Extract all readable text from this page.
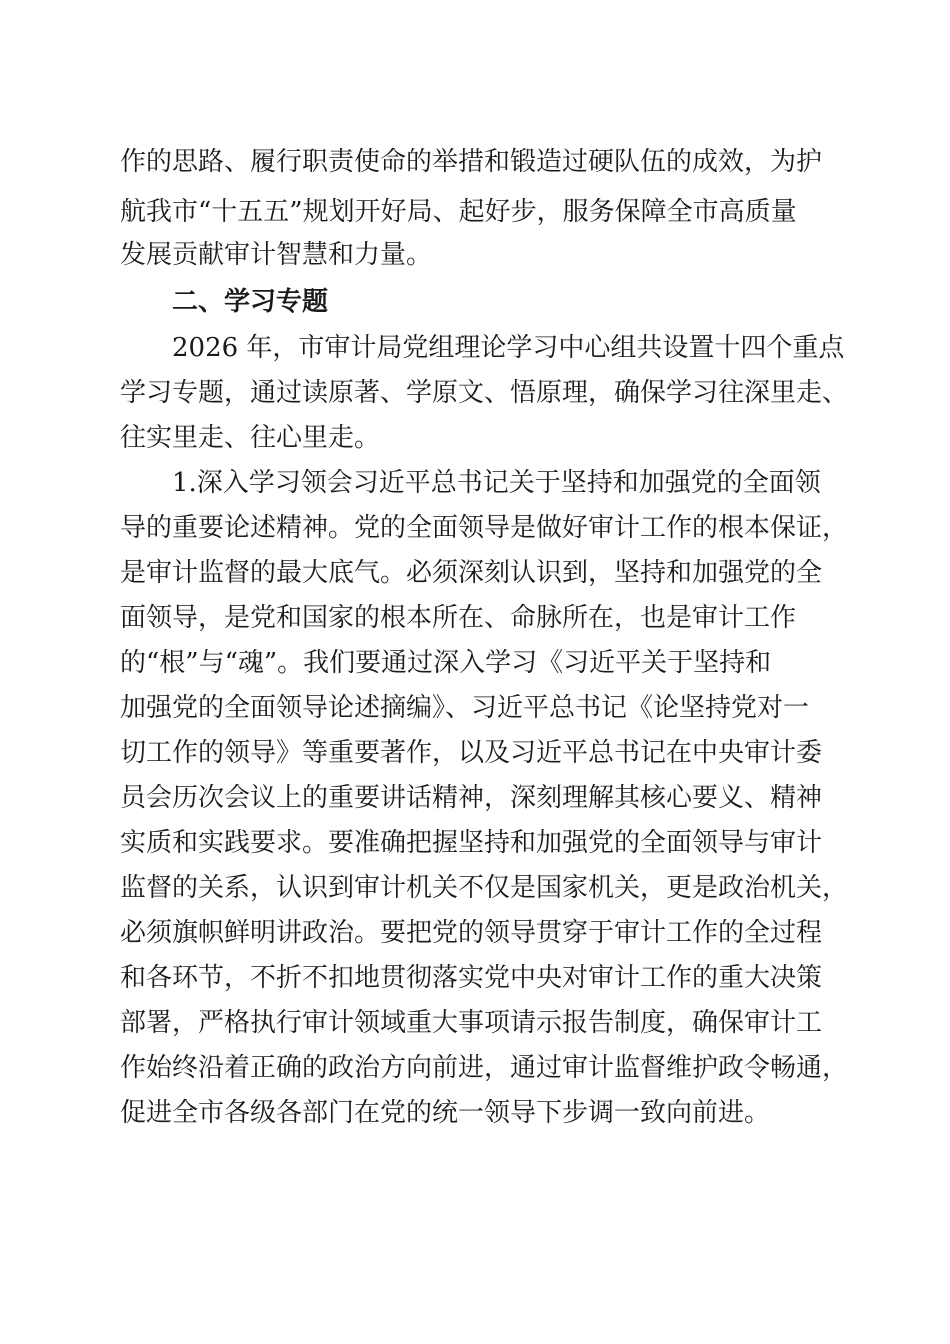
作的思路、履行职责使命的举措和锻造过硬队伍的成效，为护
航我市“十五五”规划开好局、起好步，服务保障全市高质量
发展贡献审计智慧和力量。
二、学习专题
2026 年，市审计局党组理论学习中心组共设置十四个重点
学习专题，通过读原著、学原文、悟原理，确保学习往深里走、
往实里走、往心里走。
1.深入学习领会习近平总书记关于坚持和加强党的全面领
导的重要论述精神。党的全面领导是做好审计工作的根本保证，
是审计监督的最大底气。必须深刻认识到，坚持和加强党的全
面领导，是党和国家的根本所在、命脉所在，也是审计工作
的“根”与“魂”。我们要通过深入学习《习近平关于坚持和
加强党的全面领导论述摘编》、习近平总书记《论坚持党对一
切工作的领导》等重要著作，以及习近平总书记在中央审计委
员会历次会议上的重要讲话精神，深刻理解其核心要义、精神
实质和实践要求。要准确把握坚持和加强党的全面领导与审计
监督的关系，认识到审计机关不仅是国家机关，更是政治机关，
必须旗帜鲜明讲政治。要把党的领导贯穿于审计工作的全过程
和各环节，不折不扣地贯彻落实党中央对审计工作的重大决策
部署，严格执行审计领域重大事项请示报告制度，确保审计工
作始终沿着正确的政治方向前进，通过审计监督维护政令畅通，
促进全市各级各部门在党的统一领导下步调一致向前进。
